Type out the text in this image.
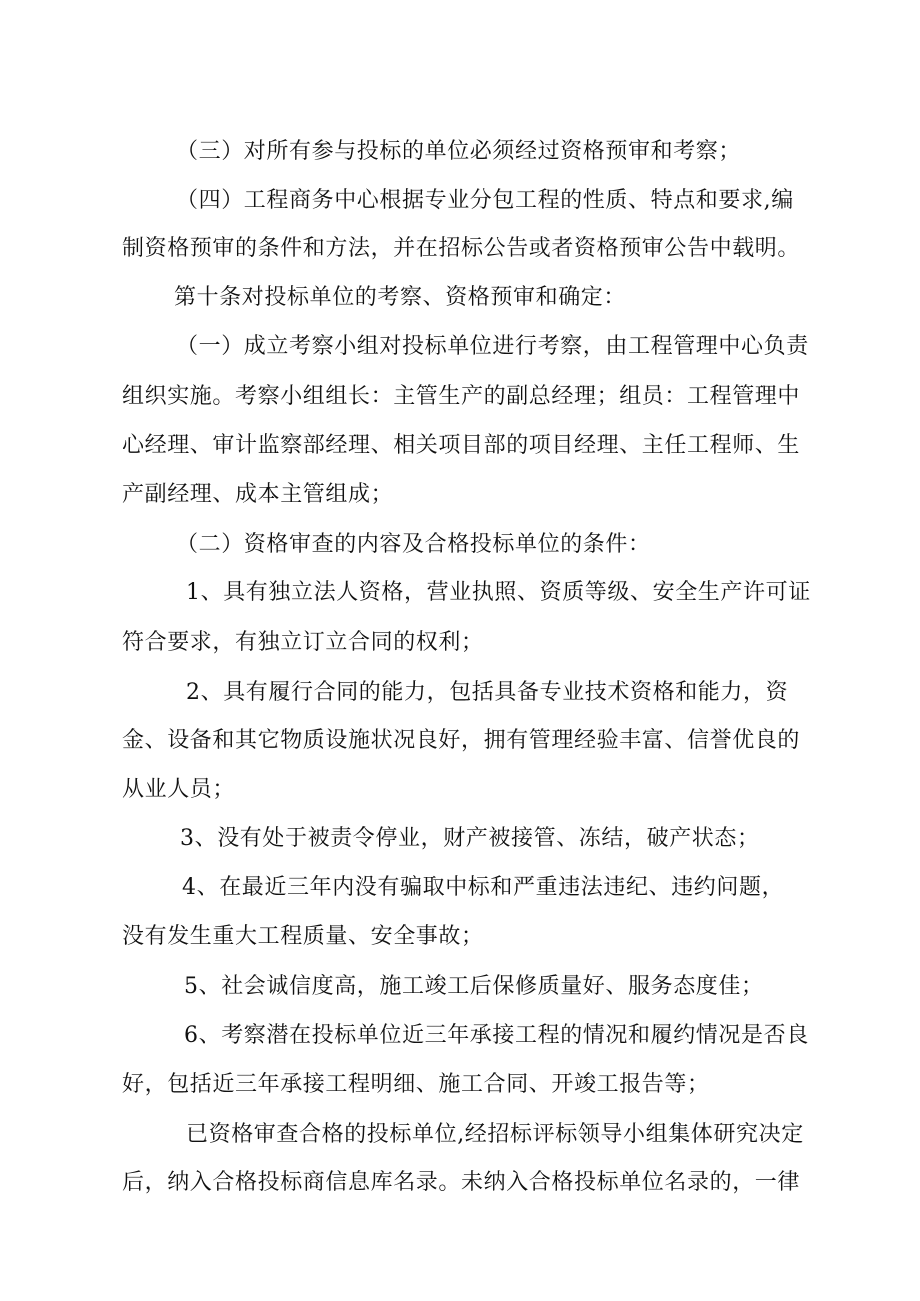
（三）对所有参与投标的单位必须经过资格预审和考察；
（四）工程商务中心根据专业分包工程的性质、特点和要求,编
制资格预审的条件和方法，并在招标公告或者资格预审公告中载明。
第十条对投标单位的考察、资格预审和确定：
（一）成立考察小组对投标单位进行考察，由工程管理中心负责
组织实施。考察小组组长：主管生产的副总经理；组员：工程管理中
心经理、审计监察部经理、相关项目部的项目经理、主任工程师、生
产副经理、成本主管组成；
（二）资格审查的内容及合格投标单位的条件：
1、具有独立法人资格，营业执照、资质等级、安全生产许可证
符合要求，有独立订立合同的权利；
2、具有履行合同的能力，包括具备专业技术资格和能力，资
金、设备和其它物质设施状况良好，拥有管理经验丰富、信誉优良的
从业人员；
3、没有处于被责令停业，财产被接管、冻结，破产状态；
4、在最近三年内没有骗取中标和严重违法违纪、违约问题，
没有发生重大工程质量、安全事故；
5、社会诚信度高，施工竣工后保修质量好、服务态度佳；
6、考察潜在投标单位近三年承接工程的情况和履约情况是否良
好，包括近三年承接工程明细、施工合同、开竣工报告等；
已资格审查合格的投标单位,经招标评标领导小组集体研究决定
后，纳入合格投标商信息库名录。未纳入合格投标单位名录的，一律
